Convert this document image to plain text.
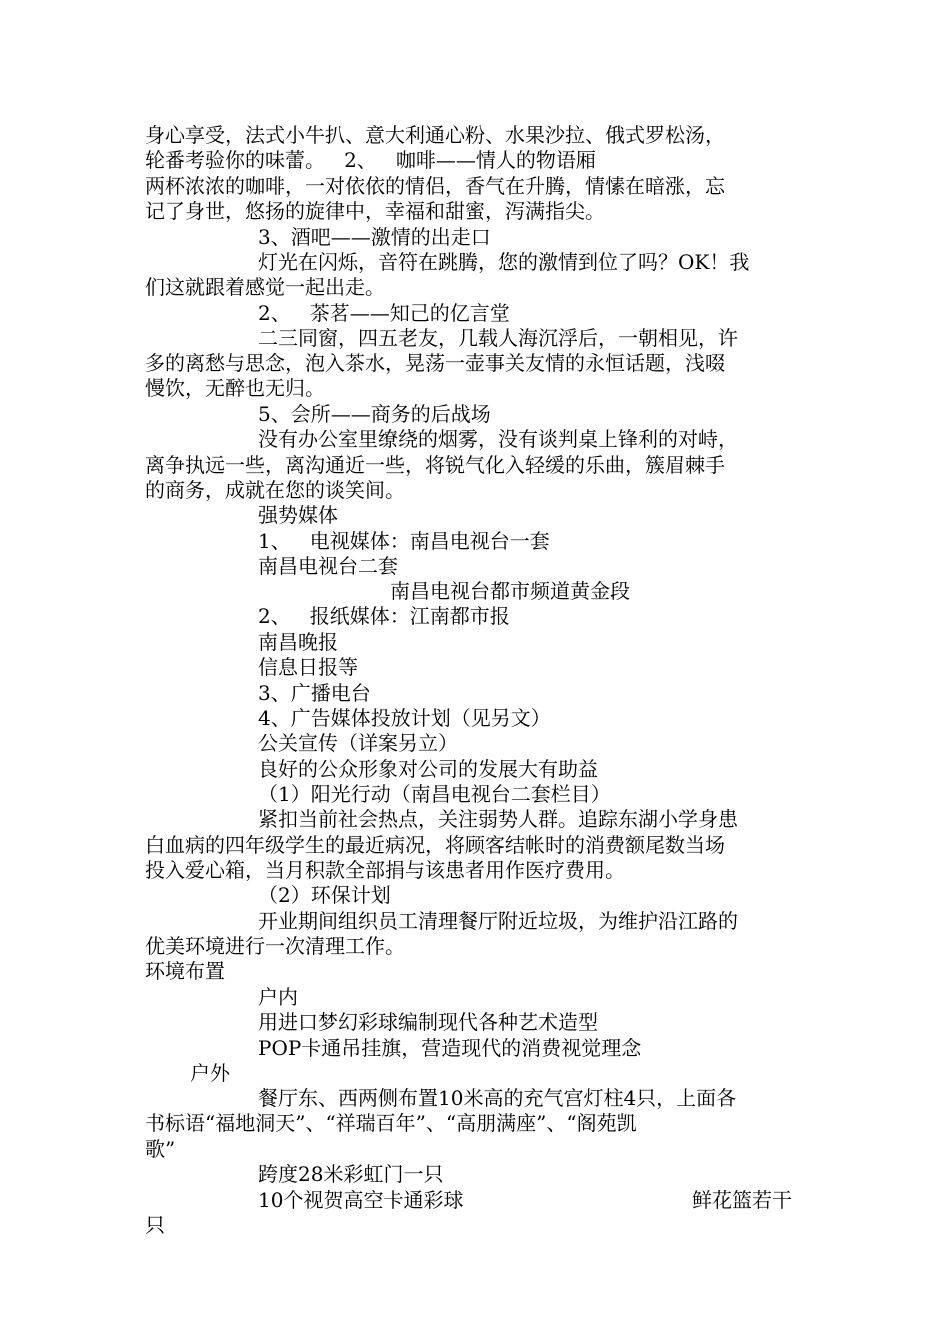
身心享受，法式小牛扒、意大利通心粉、水果沙拉、俄式罗松汤，

轮番考验你的味蕾。   2、   咖啡——情人的物语厢

两杯浓浓的咖啡，一对依依的情侣，香气在升腾，情愫在暗涨，忘

记了身世，悠扬的旋律中，幸福和甜蜜，泻满指尖。

3、酒吧——激情的出走口

灯光在闪烁，音符在跳腾，您的激情到位了吗？OK！我

们这就跟着感觉一起出走。

2、   茶茗——知己的亿言堂

二三同窗，四五老友，几载人海沉浮后，一朝相见，许

多的离愁与思念，泡入茶水，晃荡一壶事关友情的永恒话题，浅啜

慢饮，无醉也无归。

5、会所——商务的后战场

没有办公室里缭绕的烟雾，没有谈判桌上锋利的对峙，

离争执远一些，离沟通近一些，将锐气化入轻缓的乐曲，簇眉棘手

的商务，成就在您的谈笑间。

强势媒体

1、   电视媒体：南昌电视台一套

南昌电视台二套

南昌电视台都市频道黄金段

2、   报纸媒体：江南都市报

南昌晚报

信息日报等

3、广播电台

4、广告媒体投放计划（见另文）

公关宣传（详案另立）

良好的公众形象对公司的发展大有助益

（1）阳光行动（南昌电视台二套栏目）

紧扣当前社会热点，关注弱势人群。追踪东湖小学身患

白血病的四年级学生的最近病况，将顾客结帐时的消费额尾数当场

投入爱心箱，当月积款全部捐与该患者用作医疗费用。

（2）环保计划

开业期间组织员工清理餐厅附近垃圾，为维护沿江路的

优美环境进行一次清理工作。

环境布置

户内

用进口梦幻彩球编制现代各种艺术造型

POP卡通吊挂旗，营造现代的消费视觉理念

户外

餐厅东、西两侧布置10米高的充气宫灯柱4只，上面各

书标语“福地洞天”、“祥瑞百年”、“高朋满座”、“阁苑凯

歌”

跨度28米彩虹门一只

10个视贺高空卡通彩球	鲜花篮若干

只
